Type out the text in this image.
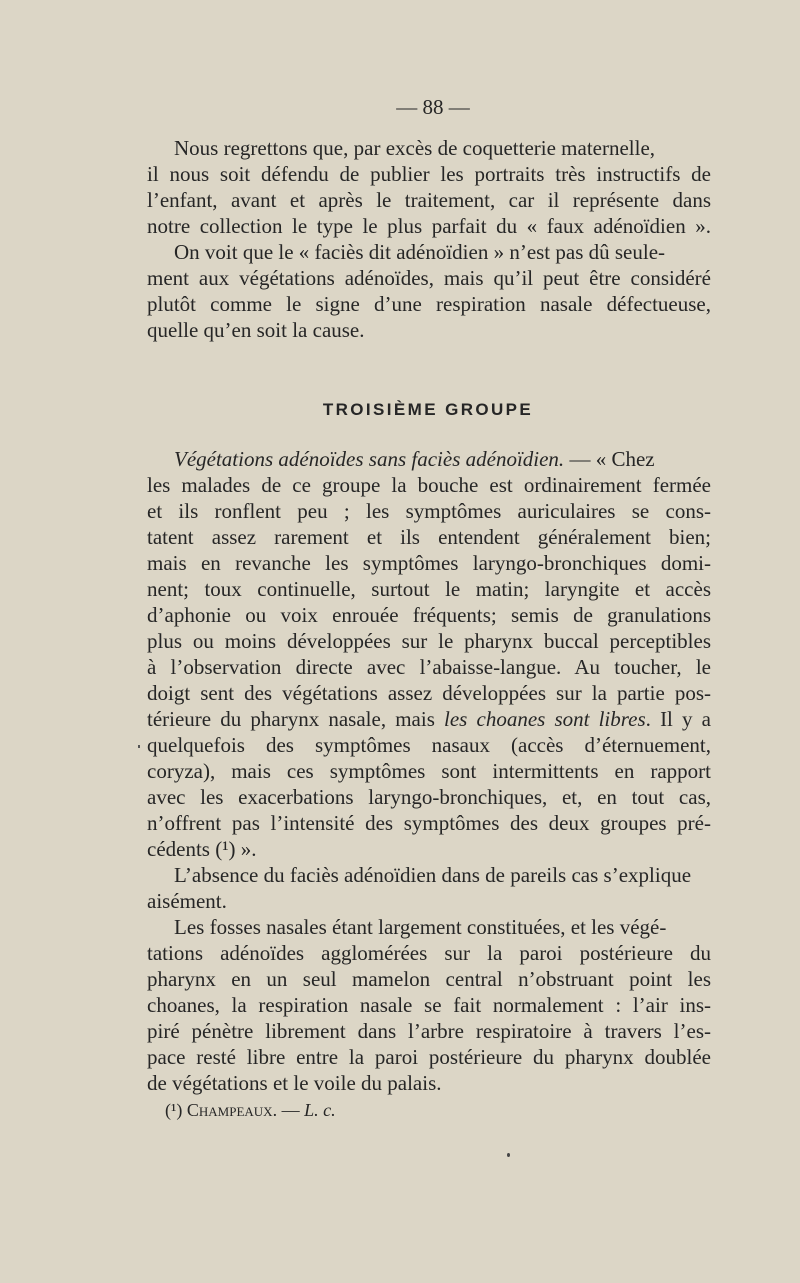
— 88 —
Nous regrettons que, par excès de coquetterie maternelle,
il nous soit défendu de publier les portraits très instructifs de
l’enfant, avant et après le traitement, car il représente dans
notre collection le type le plus parfait du « faux adénoïdien ».
On voit que le « faciès dit adénoïdien » n’est pas dû seule-
ment aux végétations adénoïdes, mais qu’il peut être considéré
plutôt comme le signe d’une respiration nasale défectueuse,
quelle qu’en soit la cause.
TROISIÈME GROUPE
Végétations adénoïdes sans faciès adénoïdien. — « Chez
les malades de ce groupe la bouche est ordinairement fermée
et ils ronflent peu ; les symptômes auriculaires se cons-
tatent assez rarement et ils entendent généralement bien;
mais en revanche les symptômes laryngo-bronchiques domi-
nent; toux continuelle, surtout le matin; laryngite et accès
d’aphonie ou voix enrouée fréquents; semis de granulations
plus ou moins développées sur le pharynx buccal perceptibles
à l’observation directe avec l’abaisse-langue. Au toucher, le
doigt sent des végétations assez développées sur la partie pos-
térieure du pharynx nasale, mais les choanes sont libres. Il y a
quelquefois des symptômes nasaux (accès d’éternuement,
coryza), mais ces symptômes sont intermittents en rapport
avec les exacerbations laryngo-bronchiques, et, en tout cas,
n’offrent pas l’intensité des symptômes des deux groupes pré-
cédents (¹) ».
L’absence du faciès adénoïdien dans de pareils cas s’explique
aisément.
Les fosses nasales étant largement constituées, et les végé-
tations adénoïdes agglomérées sur la paroi postérieure du
pharynx en un seul mamelon central n’obstruant point les
choanes, la respiration nasale se fait normalement : l’air ins-
piré pénètre librement dans l’arbre respiratoire à travers l’es-
pace resté libre entre la paroi postérieure du pharynx doublée
de végétations et le voile du palais.
(¹) Champeaux. — L. c.
